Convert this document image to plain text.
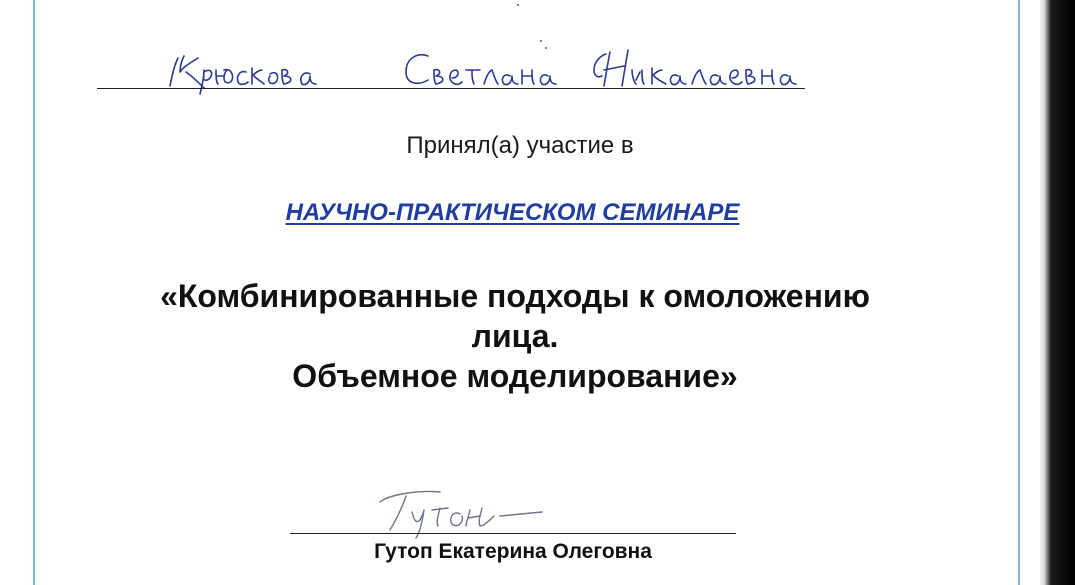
Принял(а) участие в
НАУЧНО-ПРАКТИЧЕСКОМ СЕМИНАРЕ
«Комбинированные подходы к омоложению
лица.
Объемное моделирование»
Гутоп Екатерина Олеговна
